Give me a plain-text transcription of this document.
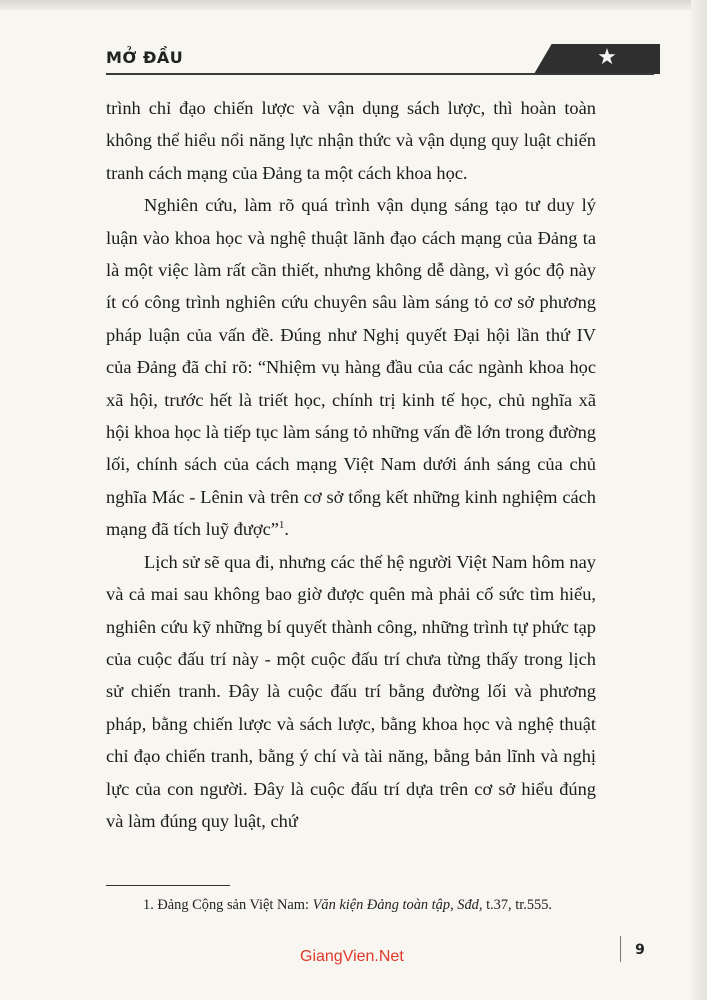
MỞ ĐẦU	★

trình chỉ đạo chiến lược và vận dụng sách lược, thì hoàn toàn không thể hiểu nổi năng lực nhận thức và vận dụng quy luật chiến tranh cách mạng của Đảng ta một cách khoa học.

Nghiên cứu, làm rõ quá trình vận dụng sáng tạo tư duy lý luận vào khoa học và nghệ thuật lãnh đạo cách mạng của Đảng ta là một việc làm rất cần thiết, nhưng không dễ dàng, vì góc độ này ít có công trình nghiên cứu chuyên sâu làm sáng tỏ cơ sở phương pháp luận của vấn đề. Đúng như Nghị quyết Đại hội lần thứ IV của Đảng đã chỉ rõ: “Nhiệm vụ hàng đầu của các ngành khoa học xã hội, trước hết là triết học, chính trị kinh tế học, chủ nghĩa xã hội khoa học là tiếp tục làm sáng tỏ những vấn đề lớn trong đường lối, chính sách của cách mạng Việt Nam dưới ánh sáng của chủ nghĩa Mác - Lênin và trên cơ sở tổng kết những kinh nghiệm cách mạng đã tích luỹ được”$^1$.

Lịch sử sẽ qua đi, nhưng các thế hệ người Việt Nam hôm nay và cả mai sau không bao giờ được quên mà phải cố sức tìm hiểu, nghiên cứu kỹ những bí quyết thành công, những trình tự phức tạp của cuộc đấu trí này - một cuộc đấu trí chưa từng thấy trong lịch sử chiến tranh. Đây là cuộc đấu trí bằng đường lối và phương pháp, bằng chiến lược và sách lược, bằng khoa học và nghệ thuật chỉ đạo chiến tranh, bằng ý chí và tài năng, bằng bản lĩnh và nghị lực của con người. Đây là cuộc đấu trí dựa trên cơ sở hiểu đúng và làm đúng quy luật, chứ

1. Đảng Cộng sản Việt Nam: Văn kiện Đảng toàn tập, Sđd, t.37, tr.555.
9
GiangVien.Net
